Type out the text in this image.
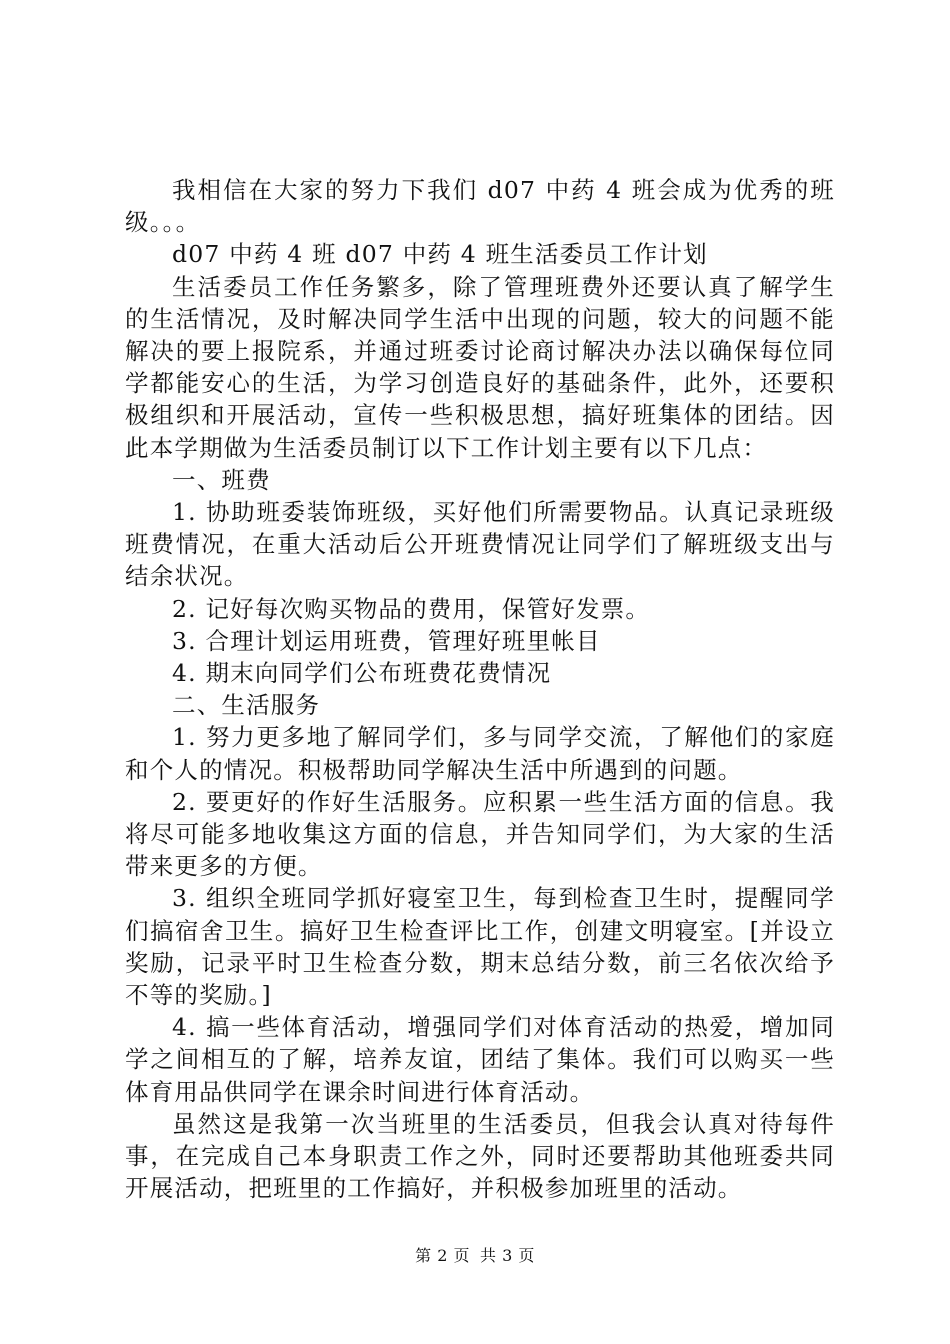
我相信在大家的努力下我们 d07 中药 4 班会成为优秀的班级。。。

d07 中药 4 班 d07 中药 4 班生活委员工作计划

生活委员工作任务繁多，除了管理班费外还要认真了解学生的生活情况，及时解决同学生活中出现的问题，较大的问题不能解决的要上报院系，并通过班委讨论商讨解决办法以确保每位同学都能安心的生活，为学习创造良好的基础条件，此外，还要积极组织和开展活动，宣传一些积极思想，搞好班集体的团结。因此本学期做为生活委员制订以下工作计划主要有以下几点：

一、班费

1. 协助班委装饰班级，买好他们所需要物品。认真记录班级班费情况，在重大活动后公开班费情况让同学们了解班级支出与结余状况。

2. 记好每次购买物品的费用，保管好发票。

3. 合理计划运用班费，管理好班里帐目

4. 期末向同学们公布班费花费情况

二、生活服务

1. 努力更多地了解同学们，多与同学交流，了解他们的家庭和个人的情况。积极帮助同学解决生活中所遇到的问题。

2. 要更好的作好生活服务。应积累一些生活方面的信息。我将尽可能多地收集这方面的信息，并告知同学们，为大家的生活带来更多的方便。

3. 组织全班同学抓好寝室卫生，每到检查卫生时，提醒同学们搞宿舍卫生。搞好卫生检查评比工作，创建文明寝室。[并设立奖励，记录平时卫生检查分数，期末总结分数，前三名依次给予不等的奖励。]

4. 搞一些体育活动，增强同学们对体育活动的热爱，增加同学之间相互的了解，培养友谊，团结了集体。我们可以购买一些体育用品供同学在课余时间进行体育活动。

虽然这是我第一次当班里的生活委员，但我会认真对待每件事，在完成自己本身职责工作之外，同时还要帮助其他班委共同开展活动，把班里的工作搞好，并积极参加班里的活动。

第 2 页 共 3 页
